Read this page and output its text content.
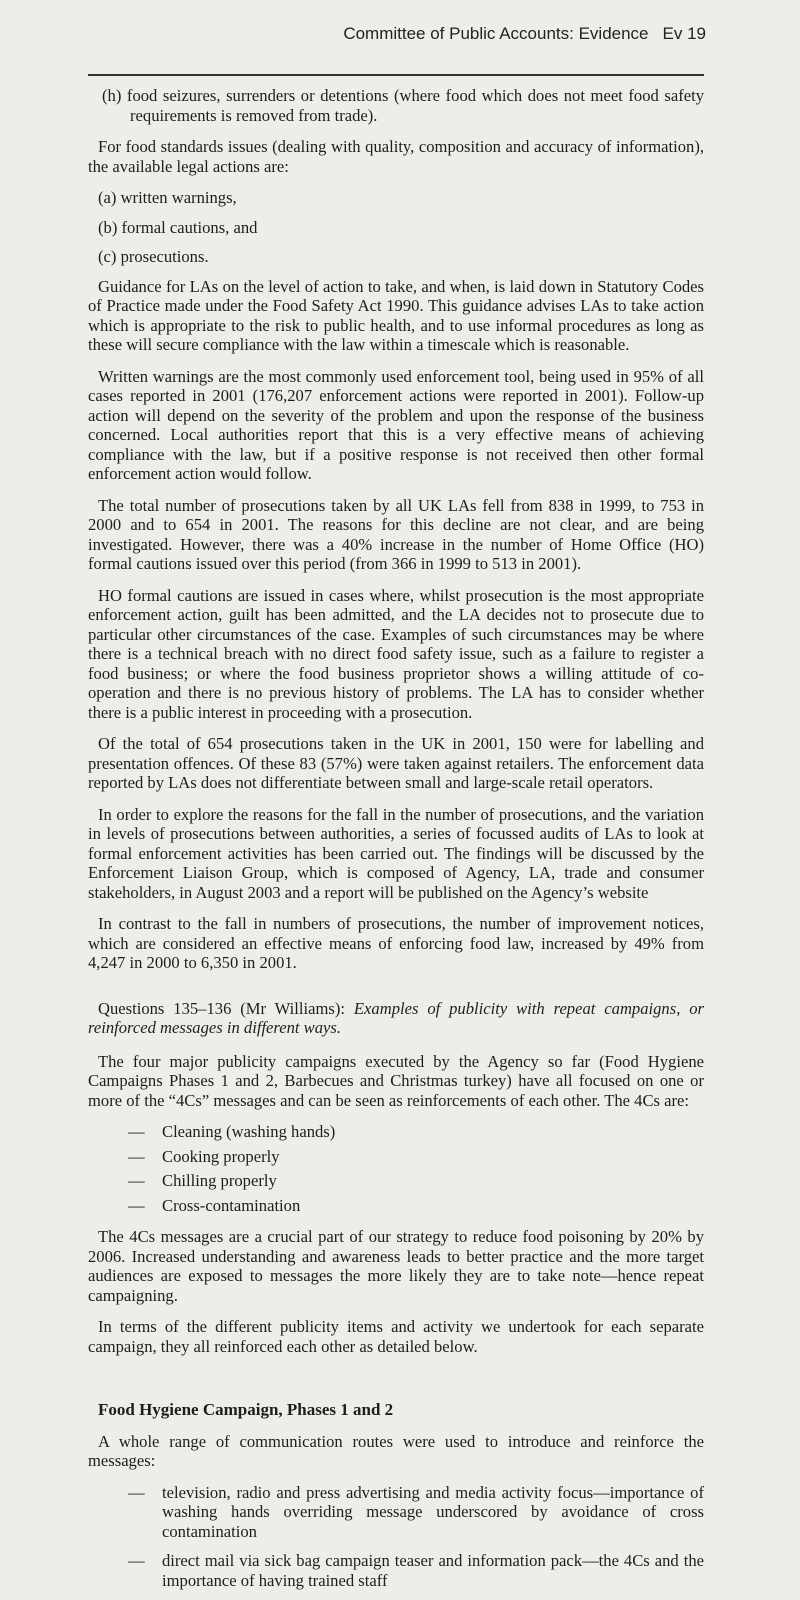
Committee of Public Accounts: Evidence Ev 19

(h) food seizures, surrenders or detentions (where food which does not meet food safety requirements is removed from trade).

For food standards issues (dealing with quality, composition and accuracy of information), the available legal actions are:

(a) written warnings,
(b) formal cautions, and
(c) prosecutions.

Guidance for LAs on the level of action to take, and when, is laid down in Statutory Codes of Practice made under the Food Safety Act 1990. This guidance advises LAs to take action which is appropriate to the risk to public health, and to use informal procedures as long as these will secure compliance with the law within a timescale which is reasonable.

Written warnings are the most commonly used enforcement tool, being used in 95% of all cases reported in 2001 (176,207 enforcement actions were reported in 2001). Follow-up action will depend on the severity of the problem and upon the response of the business concerned. Local authorities report that this is a very effective means of achieving compliance with the law, but if a positive response is not received then other formal enforcement action would follow.

The total number of prosecutions taken by all UK LAs fell from 838 in 1999, to 753 in 2000 and to 654 in 2001. The reasons for this decline are not clear, and are being investigated. However, there was a 40% increase in the number of Home Office (HO) formal cautions issued over this period (from 366 in 1999 to 513 in 2001).

HO formal cautions are issued in cases where, whilst prosecution is the most appropriate enforcement action, guilt has been admitted, and the LA decides not to prosecute due to particular other circumstances of the case. Examples of such circumstances may be where there is a technical breach with no direct food safety issue, such as a failure to register a food business; or where the food business proprietor shows a willing attitude of co-operation and there is no previous history of problems. The LA has to consider whether there is a public interest in proceeding with a prosecution.

Of the total of 654 prosecutions taken in the UK in 2001, 150 were for labelling and presentation offences. Of these 83 (57%) were taken against retailers. The enforcement data reported by LAs does not differentiate between small and large-scale retail operators.

In order to explore the reasons for the fall in the number of prosecutions, and the variation in levels of prosecutions between authorities, a series of focussed audits of LAs to look at formal enforcement activities has been carried out. The findings will be discussed by the Enforcement Liaison Group, which is composed of Agency, LA, trade and consumer stakeholders, in August 2003 and a report will be published on the Agency’s website

In contrast to the fall in numbers of prosecutions, the number of improvement notices, which are considered an effective means of enforcing food law, increased by 49% from 4,247 in 2000 to 6,350 in 2001.

Questions 135–136 (Mr Williams): Examples of publicity with repeat campaigns, or reinforced messages in different ways.

The four major publicity campaigns executed by the Agency so far (Food Hygiene Campaigns Phases 1 and 2, Barbecues and Christmas turkey) have all focused on one or more of the “4Cs” messages and can be seen as reinforcements of each other. The 4Cs are:

—	Cleaning (washing hands)
—	Cooking properly
—	Chilling properly
—	Cross-contamination

The 4Cs messages are a crucial part of our strategy to reduce food poisoning by 20% by 2006. Increased understanding and awareness leads to better practice and the more target audiences are exposed to messages the more likely they are to take note—hence repeat campaigning.

In terms of the different publicity items and activity we undertook for each separate campaign, they all reinforced each other as detailed below.

Food Hygiene Campaign, Phases 1 and 2

A whole range of communication routes were used to introduce and reinforce the messages:

—	television, radio and press advertising and media activity focus—importance of washing hands overriding message underscored by avoidance of cross contamination
—	direct mail via sick bag campaign teaser and information pack—the 4Cs and the importance of having trained staff
